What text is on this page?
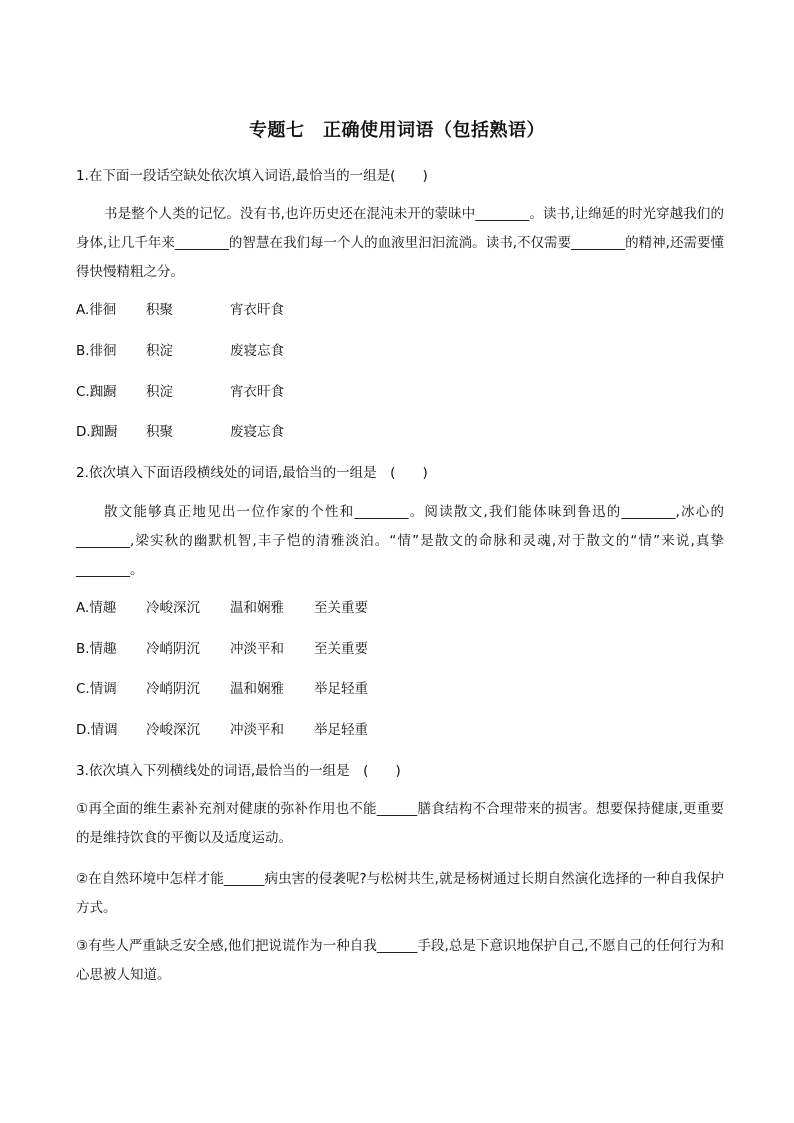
专题七　正确使用词语（包括熟语）
1.在下面一段话空缺处依次填入词语,最恰当的一组是(　　)
书是整个人类的记忆。没有书,也许历史还在混沌未开的蒙昧中________。读书,让绵延的时光穿越我们的身体,让几千年来________的智慧在我们每一个人的血液里汩汩流淌。读书,不仅需要________的精神,还需要懂得快慢精粗之分。
A.徘徊 积聚	宵衣旰食
B.徘徊 积淀	废寝忘食
C.踟蹰 积淀	宵衣旰食
D.踟蹰 积聚	废寝忘食
2.依次填入下面语段横线处的词语,最恰当的一组是　(　　)
散文能够真正地见出一位作家的个性和________。阅读散文,我们能体味到鲁迅的________,冰心的________,梁实秋的幽默机智,丰子恺的清雅淡泊。“情”是散文的命脉和灵魂,对于散文的“情”来说,真挚________。
A.情趣 冷峻深沉 温和娴雅 至关重要
B.情趣 冷峭阴沉 冲淡平和 至关重要
C.情调 冷峭阴沉 温和娴雅 举足轻重
D.情调 冷峻深沉 冲淡平和 举足轻重
3.依次填入下列横线处的词语,最恰当的一组是　(　　)
①再全面的维生素补充剂对健康的弥补作用也不能______膳食结构不合理带来的损害。想要保持健康,更重要的是维持饮食的平衡以及适度运动。
②在自然环境中怎样才能______病虫害的侵袭呢?与松树共生,就是杨树通过长期自然演化选择的一种自我保护方式。
③有些人严重缺乏安全感,他们把说谎作为一种自我______手段,总是下意识地保护自己,不愿自己的任何行为和心思被人知道。
